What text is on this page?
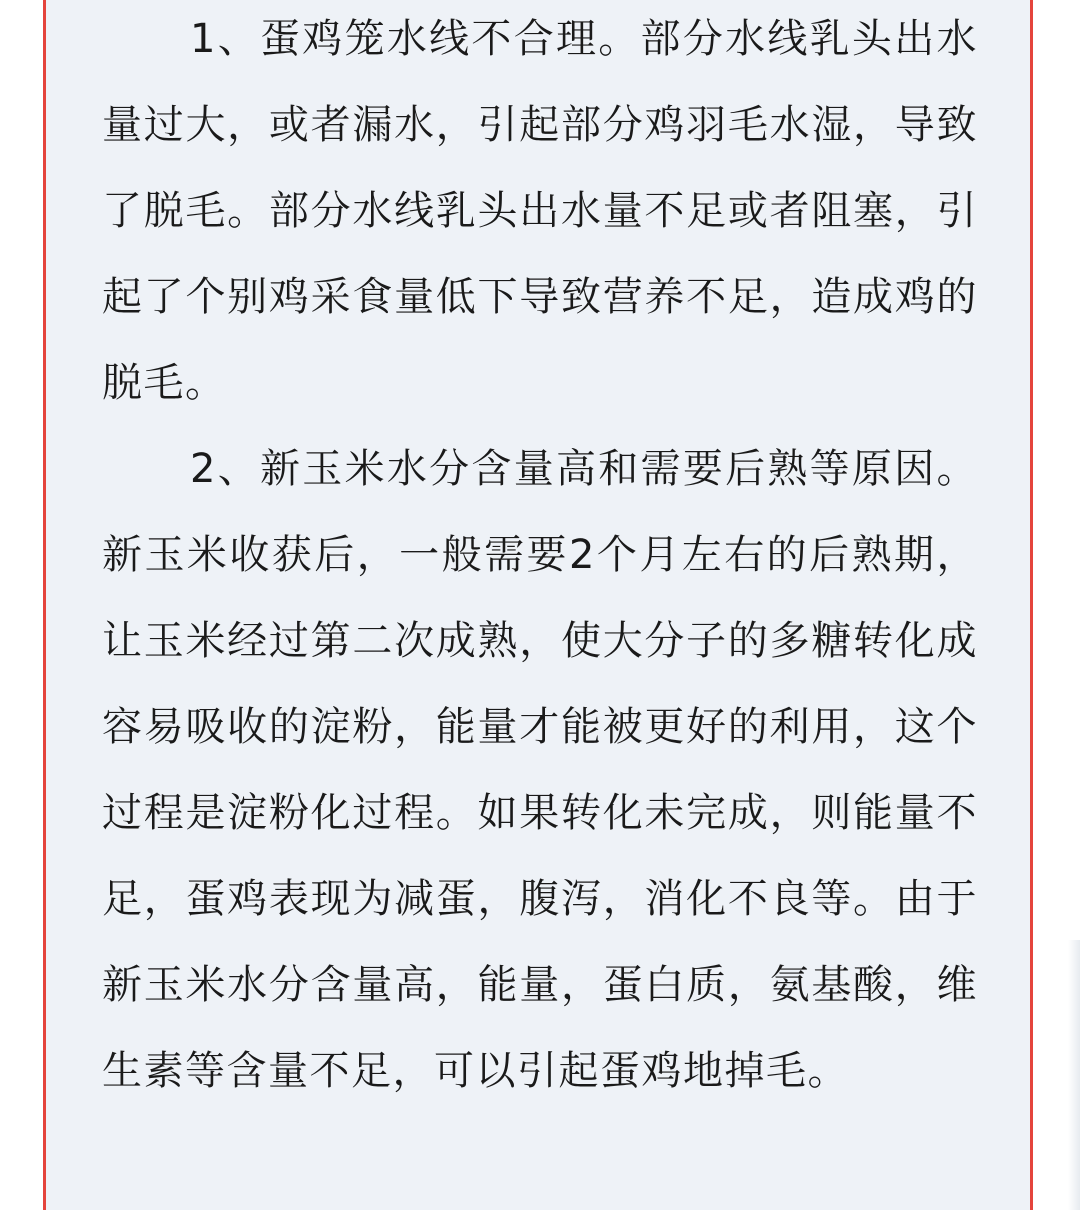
1、蛋鸡笼水线不合理。部分水线乳头出水量过大，或者漏水，引起部分鸡羽毛水湿，导致了脱毛。部分水线乳头出水量不足或者阻塞，引起了个别鸡采食量低下导致营养不足，造成鸡的脱毛。

2、新玉米水分含量高和需要后熟等原因。新玉米收获后，一般需要2个月左右的后熟期，让玉米经过第二次成熟，使大分子的多糖转化成容易吸收的淀粉，能量才能被更好的利用，这个过程是淀粉化过程。如果转化未完成，则能量不足，蛋鸡表现为减蛋，腹泻，消化不良等。由于新玉米水分含量高，能量，蛋白质，氨基酸，维生素等含量不足，可以引起蛋鸡地掉毛。
